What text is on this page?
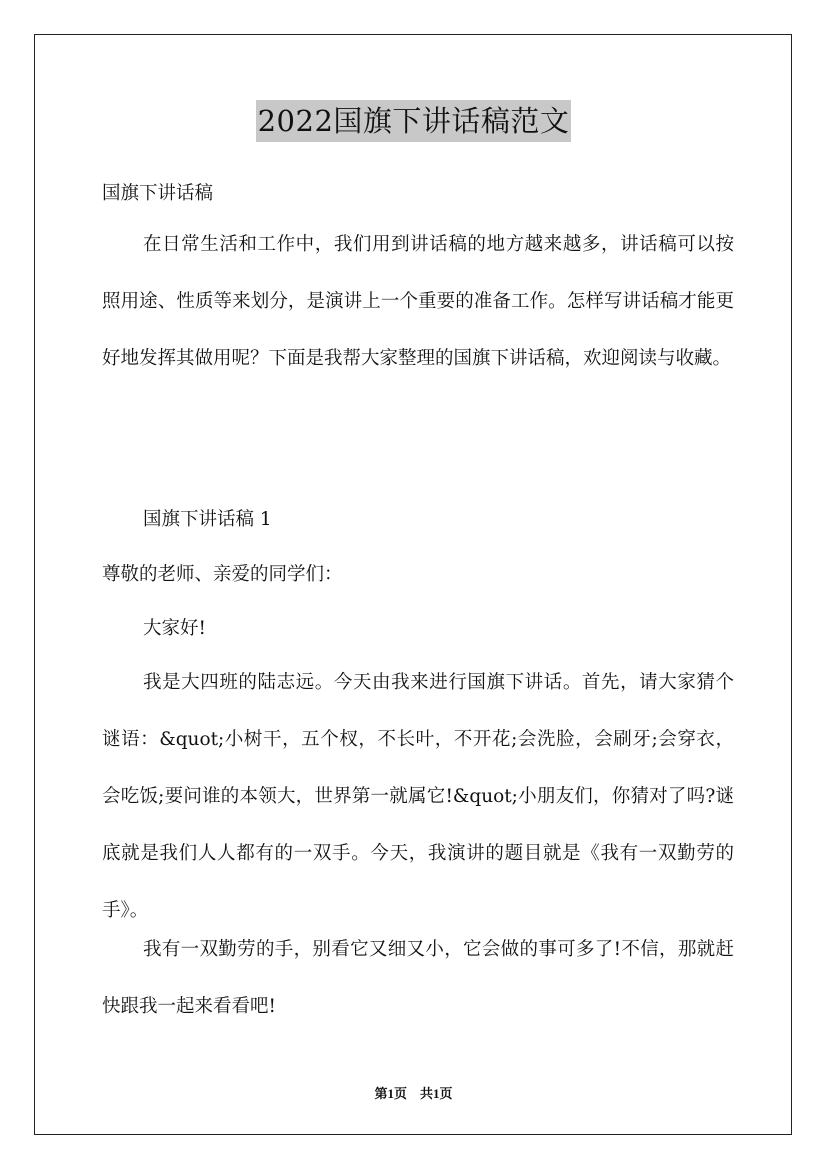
2022国旗下讲话稿范文

国旗下讲话稿

在日常生活和工作中，我们用到讲话稿的地方越来越多，讲话稿可以按照用途、性质等来划分，是演讲上一个重要的准备工作。怎样写讲话稿才能更好地发挥其做用呢？下面是我帮大家整理的国旗下讲话稿，欢迎阅读与收藏。

国旗下讲话稿 1

尊敬的老师、亲爱的同学们：

大家好!

我是大四班的陆志远。今天由我来进行国旗下讲话。首先，请大家猜个谜语：&quot;小树干，五个杈，不长叶，不开花;会洗脸，会刷牙;会穿衣，会吃饭;要问谁的本领大，世界第一就属它!&quot;小朋友们，你猜对了吗?谜底就是我们人人都有的一双手。今天，我演讲的题目就是《我有一双勤劳的手》。

我有一双勤劳的手，别看它又细又小，它会做的事可多了!不信，那就赶快跟我一起来看看吧!

第1页 共1页
